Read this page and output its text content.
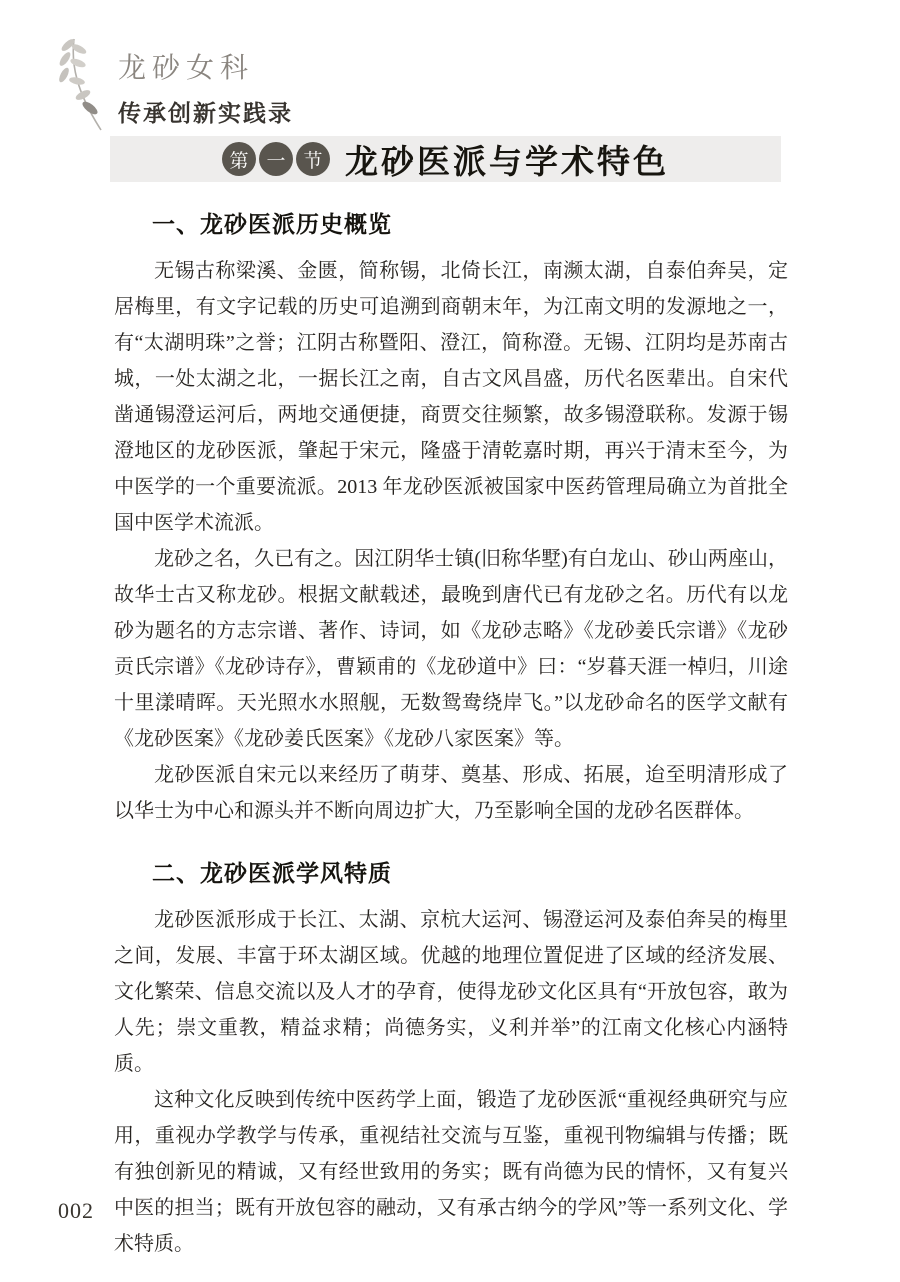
龙砂女科
传承创新实践录
第 一 节 龙砂医派与学术特色
一、龙砂医派历史概览

无锡古称梁溪、金匮，简称锡，北倚长江，南濒太湖，自泰伯奔吴，定居梅里，有文字记载的历史可追溯到商朝末年，为江南文明的发源地之一，有“太湖明珠”之誉；江阴古称暨阳、澄江，简称澄。无锡、江阴均是苏南古城，一处太湖之北，一据长江之南，自古文风昌盛，历代名医辈出。自宋代凿通锡澄运河后，两地交通便捷，商贾交往频繁，故多锡澄联称。发源于锡澄地区的龙砂医派，肇起于宋元，隆盛于清乾嘉时期，再兴于清末至今，为中医学的一个重要流派。2013 年龙砂医派被国家中医药管理局确立为首批全国中医学术流派。

龙砂之名，久已有之。因江阴华士镇(旧称华墅)有白龙山、砂山两座山，故华士古又称龙砂。根据文献载述，最晚到唐代已有龙砂之名。历代有以龙砂为题名的方志宗谱、著作、诗词，如《龙砂志略》《龙砂姜氏宗谱》《龙砂贡氏宗谱》《龙砂诗存》，曹颖甫的《龙砂道中》曰：“岁暮天涯一棹归，川途十里漾晴晖。天光照水水照舰，无数鸳鸯绕岸飞。”以龙砂命名的医学文献有《龙砂医案》《龙砂姜氏医案》《龙砂八家医案》等。

龙砂医派自宋元以来经历了萌芽、奠基、形成、拓展，迨至明清形成了以华士为中心和源头并不断向周边扩大，乃至影响全国的龙砂名医群体。

二、龙砂医派学风特质

龙砂医派形成于长江、太湖、京杭大运河、锡澄运河及泰伯奔吴的梅里之间，发展、丰富于环太湖区域。优越的地理位置促进了区域的经济发展、文化繁荣、信息交流以及人才的孕育，使得龙砂文化区具有“开放包容，敢为人先；崇文重教，精益求精；尚德务实，义利并举”的江南文化核心内涵特质。

这种文化反映到传统中医药学上面，锻造了龙砂医派“重视经典研究与应用，重视办学教学与传承，重视结社交流与互鉴，重视刊物编辑与传播；既有独创新见的精诚，又有经世致用的务实；既有尚德为民的情怀，又有复兴中医的担当；既有开放包容的融动，又有承古纳今的学风”等一系列文化、学术特质。

002
